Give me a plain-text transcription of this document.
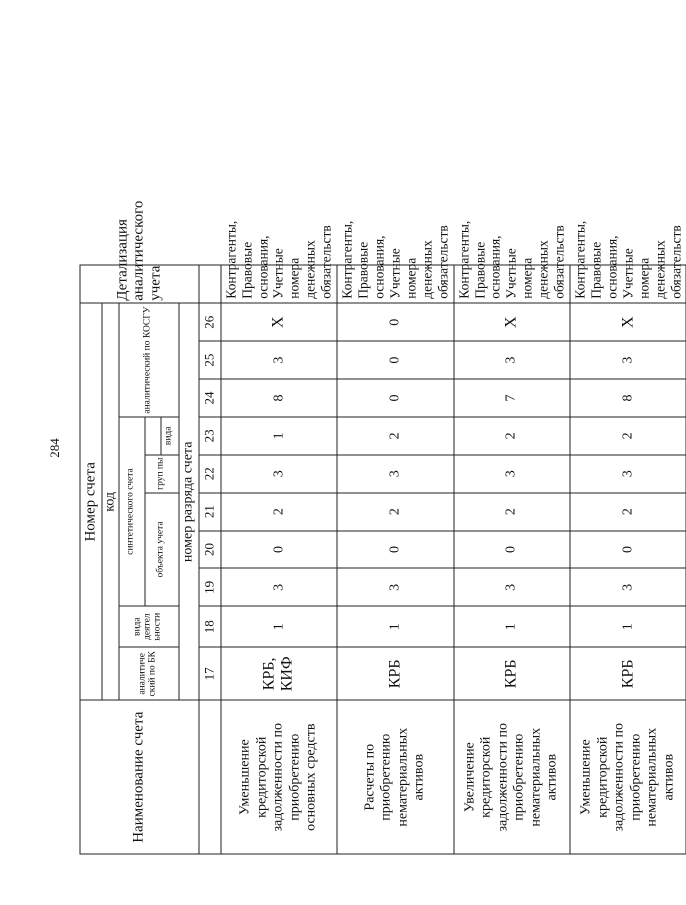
284
Наименование счета	Номер счета										Детализация аналитического учета
	код										
	аналитиче ский по БК	вида деятел ьности	синтетического счета					аналитический по КОСГУ			
			объекта учета			груп пы					
							вида				
	номер разряда счета										
	17	18	19	20	21	22	23	24	25	26	
Уменьшение кредиторской задолженности по приобретению основных средств	КРБ, КИФ	1	3	0	2	3	1	8	3	X	Контрагенты, Правовые основания, Учетные номера денежных обязательств
Расчеты по приобретению нематериальных активов	КРБ	1	3	0	2	3	2	0	0	0	Контрагенты, Правовые основания, Учетные номера денежных обязательств
Увеличение кредиторской задолженности по приобретению нематериальных активов	КРБ	1	3	0	2	3	2	7	3	X	Контрагенты, Правовые основания, Учетные номера денежных обязательств
Уменьшение кредиторской задолженности по приобретению нематериальных активов	КРБ	1	3	0	2	3	2	8	3	X	Контрагенты, Правовые основания, Учетные номера денежных обязательств
